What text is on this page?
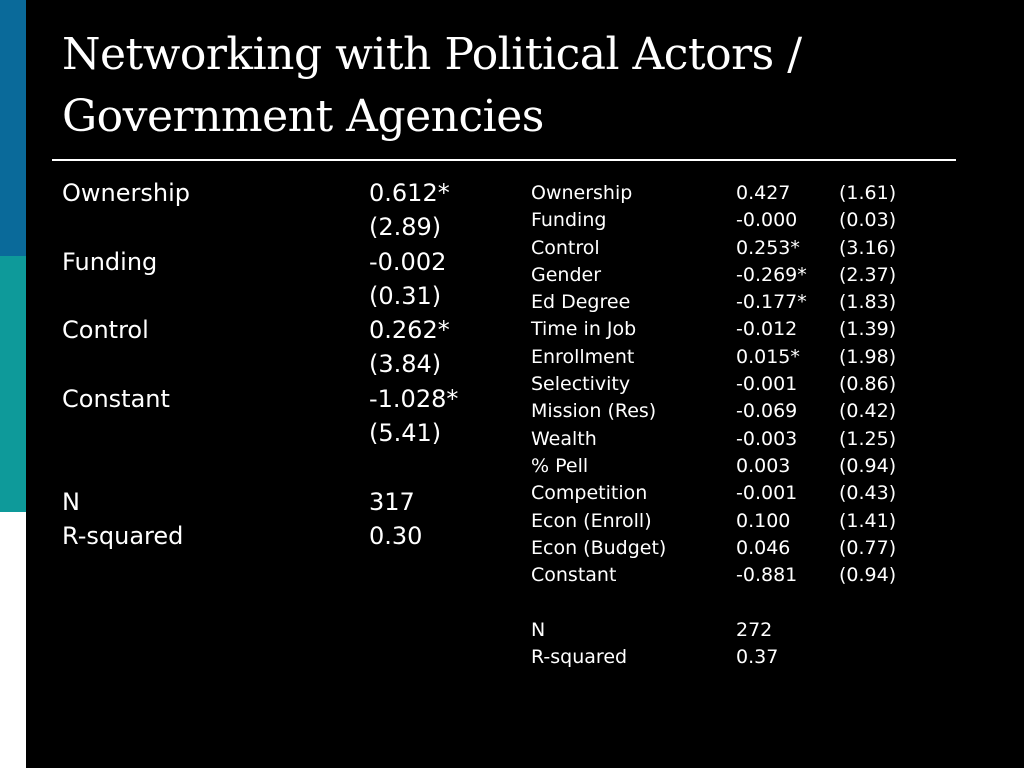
Networking with Political Actors /
Government Agencies
Ownership	0.612*
(2.89)
Funding	-0.002
(0.31)
Control	0.262*
(3.84)
Constant	-1.028*
(5.41)
N	317
R-squared	0.30
Ownership	0.427	(1.61)
Funding	-0.000	(0.03)
Control	0.253*	(3.16)
Gender	-0.269*	(2.37)
Ed Degree	-0.177*	(1.83)
Time in Job	-0.012	(1.39)
Enrollment	0.015*	(1.98)
Selectivity	-0.001	(0.86)
Mission (Res)	-0.069	(0.42)
Wealth	-0.003	(1.25)
% Pell	0.003	(0.94)
Competition	-0.001	(0.43)
Econ (Enroll)	0.100	(1.41)
Econ (Budget)	0.046	(0.77)
Constant	-0.881	(0.94)
N	272
R-squared	0.37
